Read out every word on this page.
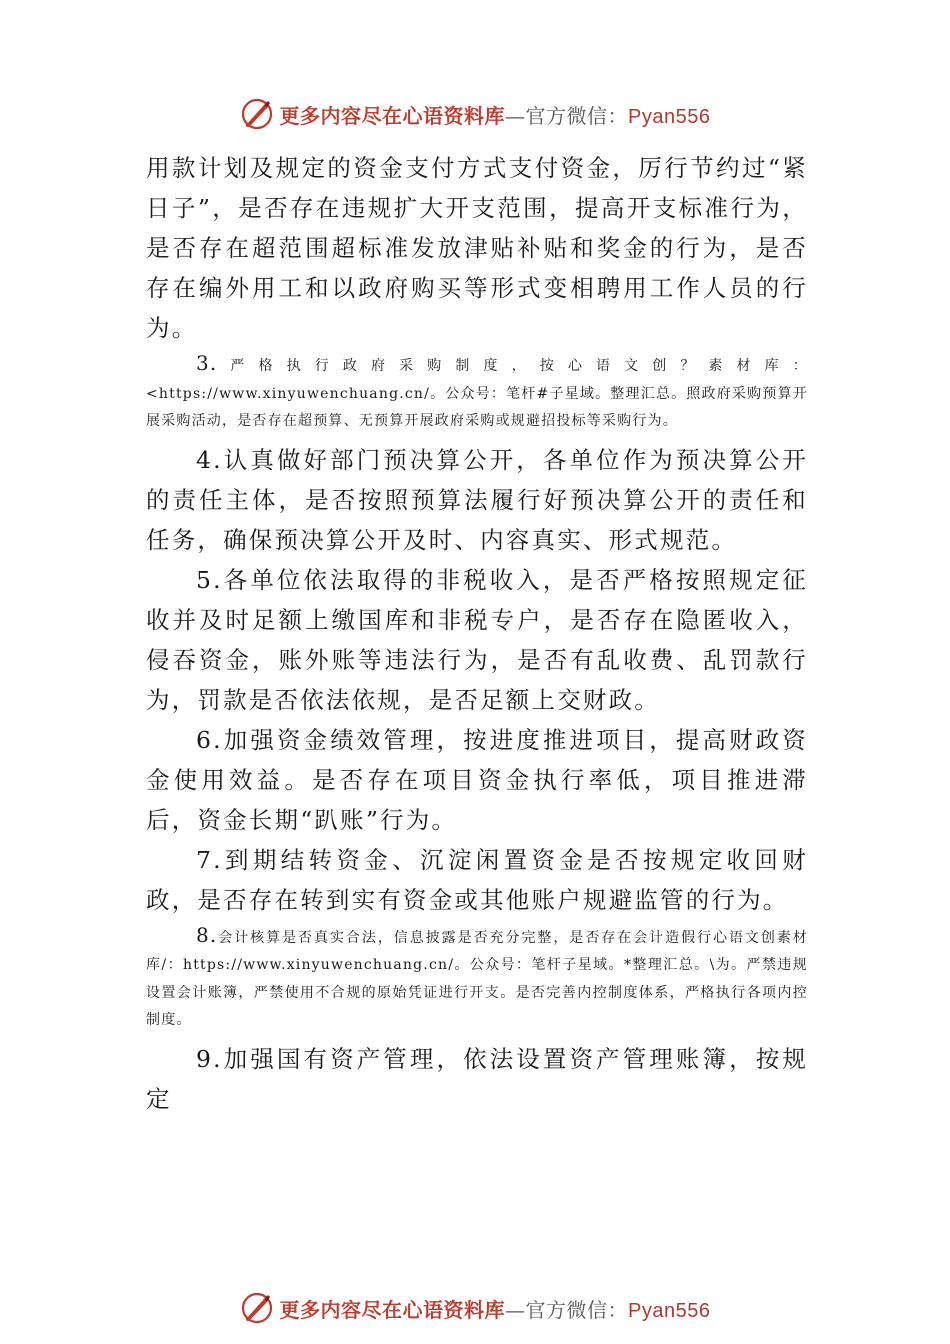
更多内容尽在心语资料库—官方微信：Pyan556

用款计划及规定的资金支付方式支付资金，厉行节约过“紧日子”，是否存在违规扩大开支范围，提高开支标准行为，是否存在超范围超标准发放津贴补贴和奖金的行为，是否存在编外用工和以政府购买等形式变相聘用工作人员的行为。

3.严格执行政府采购制度，按心语文创？素材库：<https://www.xinyuwenchuang.cn/。公众号：笔杆#子星域。整理汇总。照政府采购预算开展采购活动，是否存在超预算、无预算开展政府采购或规避招投标等采购行为。

4.认真做好部门预决算公开，各单位作为预决算公开的责任主体，是否按照预算法履行好预决算公开的责任和任务，确保预决算公开及时、内容真实、形式规范。

5.各单位依法取得的非税收入，是否严格按照规定征收并及时足额上缴国库和非税专户，是否存在隐匿收入，侵吞资金，账外账等违法行为，是否有乱收费、乱罚款行为，罚款是否依法依规，是否足额上交财政。

6.加强资金绩效管理，按进度推进项目，提高财政资金使用效益。是否存在项目资金执行率低，项目推进滞后，资金长期“趴账”行为。

7.到期结转资金、沉淀闲置资金是否按规定收回财政，是否存在转到实有资金或其他账户规避监管的行为。

8.会计核算是否真实合法，信息披露是否充分完整，是否存在会计造假行心语文创素材库/：https://www.xinyuwenchuang.cn/。公众号：笔杆子星域。*整理汇总。\为。严禁违规设置会计账簿，严禁使用不合规的原始凭证进行开支。是否完善内控制度体系，严格执行各项内控制度。

9.加强国有资产管理，依法设置资产管理账簿，按规定

更多内容尽在心语资料库—官方微信：Pyan556
